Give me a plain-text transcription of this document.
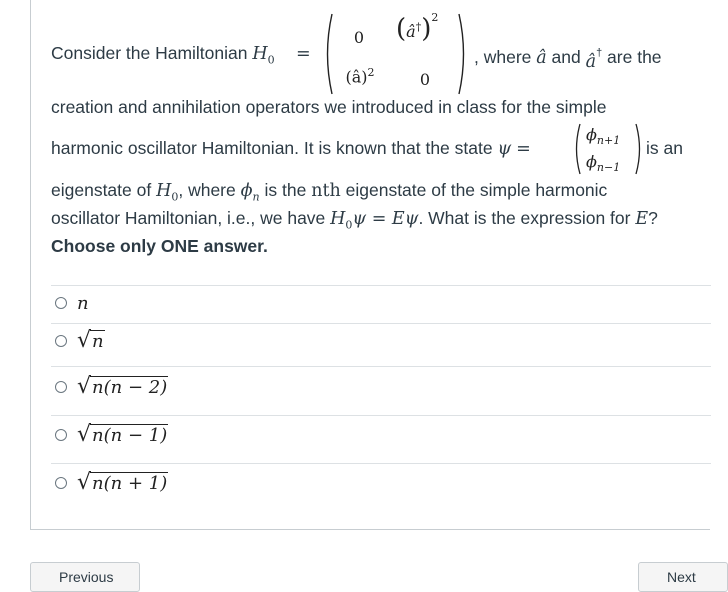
Consider the Hamiltonian $H_0$ =
0 (â†)$^2$
(â)$^2$	0
, where â and â† are the
creation and annihilation operators we introduced in class for the simple
harmonic oscillator Hamiltonian. It is known that the state ψ =
$\phi_{n+1}$
$\phi_{n-1}$
is an
eigenstate of $H_0$, where $\phi_n$ is the nth eigenstate of the simple harmonic
oscillator Hamiltonian, i.e., we have $H_0\psi = E\psi$. What is the expression for E?
Choose only ONE answer.
n
√ n
√ n(n − 2)
√ n(n − 1)
√ n(n + 1)
Previous	Next
